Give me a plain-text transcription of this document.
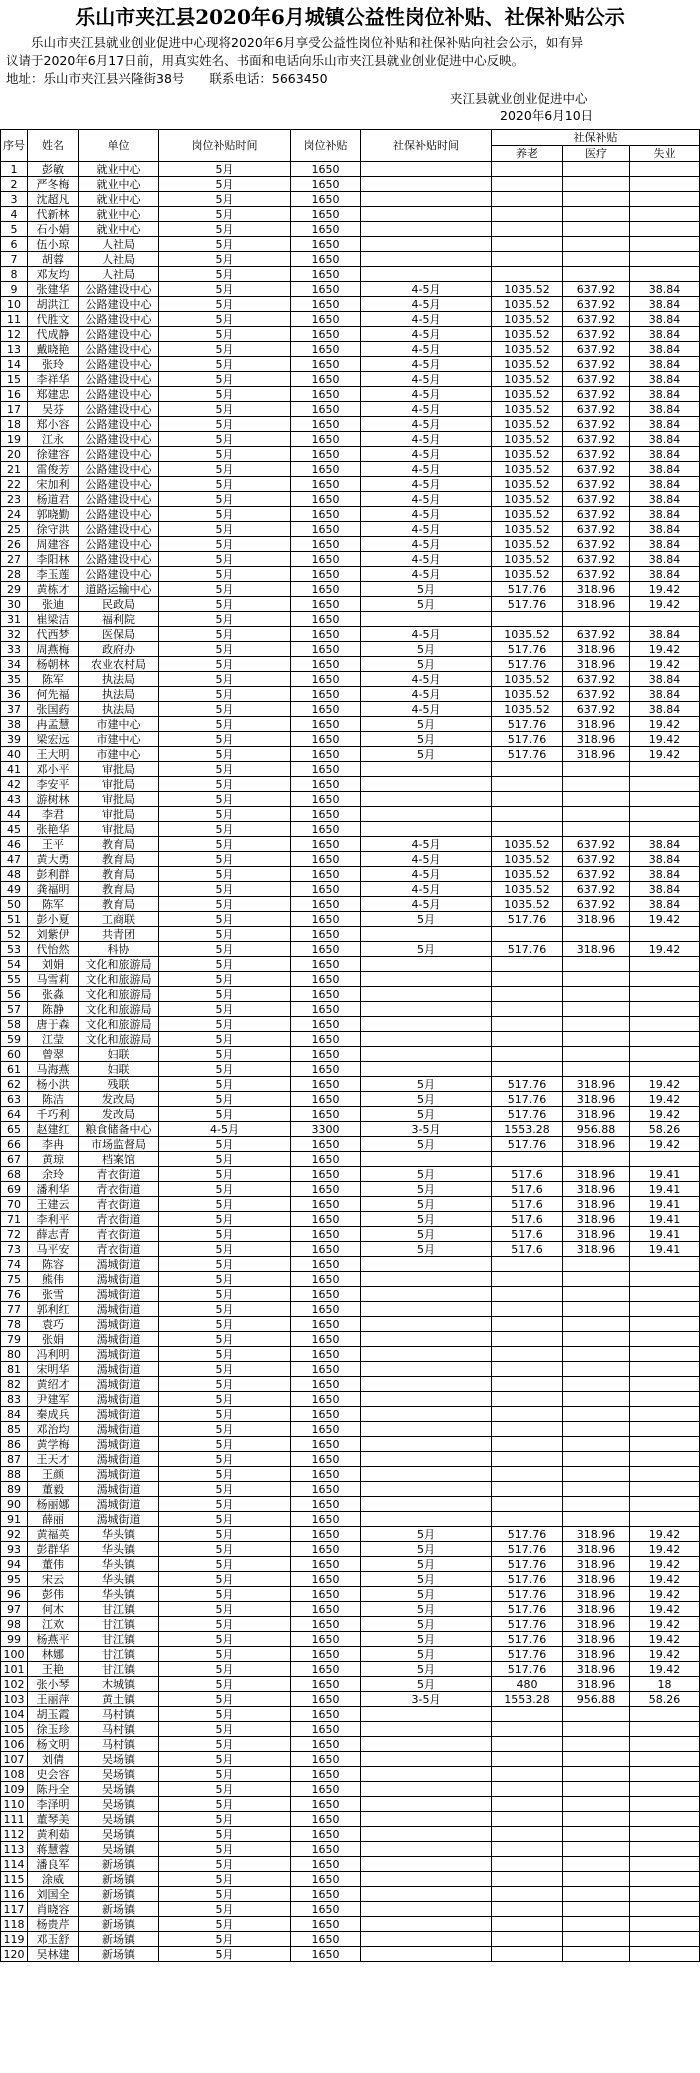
乐山市夹江县2020年6月城镇公益性岗位补贴、社保补贴公示

乐山市夹江县就业创业促进中心现将2020年6月享受公益性岗位补贴和社保补贴向社会公示，如有异

议请于2020年6月17日前，用真实姓名、书面和电话向乐山市夹江县就业创业促进中心反映。

地址：乐山市夹江县兴隆街38号　　联系电话：5663450

夹江县就业创业促进中心
2020年6月10日
序号	姓名	单位	岗位补贴时间	岗位补贴	社保补贴时间	社保补贴		
						养老	医疗	失业
1	彭敏	就业中心	5月	1650				
2	严冬梅	就业中心	5月	1650				
3	沈超凡	就业中心	5月	1650				
4	代新林	就业中心	5月	1650				
5	石小娟	就业中心	5月	1650				
6	伍小琼	人社局	5月	1650				
7	胡蓉	人社局	5月	1650				
8	邓友均	人社局	5月	1650				
9	张建华	公路建设中心	5月	1650	4-5月	1035.52	637.92	38.84
10	胡洪江	公路建设中心	5月	1650	4-5月	1035.52	637.92	38.84
11	代胜文	公路建设中心	5月	1650	4-5月	1035.52	637.92	38.84
12	代成静	公路建设中心	5月	1650	4-5月	1035.52	637.92	38.84
13	戴晓艳	公路建设中心	5月	1650	4-5月	1035.52	637.92	38.84
14	张玲	公路建设中心	5月	1650	4-5月	1035.52	637.92	38.84
15	李祥华	公路建设中心	5月	1650	4-5月	1035.52	637.92	38.84
16	郑建忠	公路建设中心	5月	1650	4-5月	1035.52	637.92	38.84
17	吴芬	公路建设中心	5月	1650	4-5月	1035.52	637.92	38.84
18	郑小容	公路建设中心	5月	1650	4-5月	1035.52	637.92	38.84
19	江永	公路建设中心	5月	1650	4-5月	1035.52	637.92	38.84
20	徐建容	公路建设中心	5月	1650	4-5月	1035.52	637.92	38.84
21	雷俊芳	公路建设中心	5月	1650	4-5月	1035.52	637.92	38.84
22	宋加利	公路建设中心	5月	1650	4-5月	1035.52	637.92	38.84
23	杨道君	公路建设中心	5月	1650	4-5月	1035.52	637.92	38.84
24	郭晓勤	公路建设中心	5月	1650	4-5月	1035.52	637.92	38.84
25	徐守洪	公路建设中心	5月	1650	4-5月	1035.52	637.92	38.84
26	周建容	公路建设中心	5月	1650	4-5月	1035.52	637.92	38.84
27	李阳林	公路建设中心	5月	1650	4-5月	1035.52	637.92	38.84
28	李玉莲	公路建设中心	5月	1650	4-5月	1035.52	637.92	38.84
29	黄栋才	道路运输中心	5月	1650	5月	517.76	318.96	19.42
30	张迪	民政局	5月	1650	5月	517.76	318.96	19.42
31	崔梁洁	福利院	5月	1650				
32	代西梦	医保局	5月	1650	4-5月	1035.52	637.92	38.84
33	周燕梅	政府办	5月	1650	5月	517.76	318.96	19.42
34	杨朝林	农业农村局	5月	1650	5月	517.76	318.96	19.42
35	陈军	执法局	5月	1650	4-5月	1035.52	637.92	38.84
36	何先福	执法局	5月	1650	4-5月	1035.52	637.92	38.84
37	张国药	执法局	5月	1650	4-5月	1035.52	637.92	38.84
38	冉孟慧	市建中心	5月	1650	5月	517.76	318.96	19.42
39	梁宏远	市建中心	5月	1650	5月	517.76	318.96	19.42
40	王大明	市建中心	5月	1650	5月	517.76	318.96	19.42
41	邓小平	审批局	5月	1650				
42	李安平	审批局	5月	1650				
43	游树林	审批局	5月	1650				
44	李君	审批局	5月	1650				
45	张艳华	审批局	5月	1650				
46	王平	教育局	5月	1650	4-5月	1035.52	637.92	38.84
47	黄大勇	教育局	5月	1650	4-5月	1035.52	637.92	38.84
48	彭利群	教育局	5月	1650	4-5月	1035.52	637.92	38.84
49	龚福明	教育局	5月	1650	4-5月	1035.52	637.92	38.84
50	陈军	教育局	5月	1650	4-5月	1035.52	637.92	38.84
51	彭小夏	工商联	5月	1650	5月	517.76	318.96	19.42
52	刘紫伊	共青团	5月	1650				
53	代怡然	科协	5月	1650	5月	517.76	318.96	19.42
54	刘娟	文化和旅游局	5月	1650				
55	马雪莉	文化和旅游局	5月	1650				
56	张淼	文化和旅游局	5月	1650				
57	陈静	文化和旅游局	5月	1650				
58	唐于森	文化和旅游局	5月	1650				
59	江莹	文化和旅游局	5月	1650				
60	曾翠	妇联	5月	1650				
61	马海燕	妇联	5月	1650				
62	杨小洪	残联	5月	1650	5月	517.76	318.96	19.42
63	陈洁	发改局	5月	1650	5月	517.76	318.96	19.42
64	千巧利	发改局	5月	1650	5月	517.76	318.96	19.42
65	赵建红	粮食储备中心	4-5月	3300	3-5月	1553.28	956.88	58.26
66	李冉	市场监督局	5月	1650	5月	517.76	318.96	19.42
67	黄琼	档案馆	5月	1650				
68	余玲	青衣街道	5月	1650	5月	517.6	318.96	19.41
69	潘利华	青衣街道	5月	1650	5月	517.6	318.96	19.41
70	王建云	青衣街道	5月	1650	5月	517.6	318.96	19.41
71	李利平	青衣街道	5月	1650	5月	517.6	318.96	19.41
72	薛志青	青衣街道	5月	1650	5月	517.6	318.96	19.41
73	马平安	青衣街道	5月	1650	5月	517.6	318.96	19.41
74	陈容	漹城街道	5月	1650				
75	熊伟	漹城街道	5月	1650				
76	张雪	漹城街道	5月	1650				
77	郭利红	漹城街道	5月	1650				
78	袁巧	漹城街道	5月	1650				
79	张娟	漹城街道	5月	1650				
80	冯利明	漹城街道	5月	1650				
81	宋明华	漹城街道	5月	1650				
82	黄绍才	漹城街道	5月	1650				
83	尹建军	漹城街道	5月	1650				
84	秦成兵	漹城街道	5月	1650				
85	邓治均	漹城街道	5月	1650				
86	黄学梅	漹城街道	5月	1650				
87	王天才	漹城街道	5月	1650				
88	王颜	漹城街道	5月	1650				
89	董毅	漹城街道	5月	1650				
90	杨丽娜	漹城街道	5月	1650				
91	薛丽	漹城街道	5月	1650				
92	黄福英	华头镇	5月	1650	5月	517.76	318.96	19.42
93	彭群华	华头镇	5月	1650	5月	517.76	318.96	19.42
94	董伟	华头镇	5月	1650	5月	517.76	318.96	19.42
95	宋云	华头镇	5月	1650	5月	517.76	318.96	19.42
96	彭伟	华头镇	5月	1650	5月	517.76	318.96	19.42
97	何木	甘江镇	5月	1650	5月	517.76	318.96	19.42
98	江欢	甘江镇	5月	1650	5月	517.76	318.96	19.42
99	杨燕平	甘江镇	5月	1650	5月	517.76	318.96	19.42
100	林娜	甘江镇	5月	1650	5月	517.76	318.96	19.42
101	王艳	甘江镇	5月	1650	5月	517.76	318.96	19.42
102	张小琴	木城镇	5月	1650	5月	480	318.96	18
103	王丽萍	黄土镇	5月	1650	3-5月	1553.28	956.88	58.26
104	胡玉霞	马村镇	5月	1650				
105	徐玉珍	马村镇	5月	1650				
106	杨文明	马村镇	5月	1650				
107	刘倩	吴场镇	5月	1650				
108	史会容	吴场镇	5月	1650				
109	陈丹全	吴场镇	5月	1650				
110	李泽明	吴场镇	5月	1650				
111	董琴美	吴场镇	5月	1650				
112	黄利茹	吴场镇	5月	1650				
113	蒋慧蓉	吴场镇	5月	1650				
114	潘良军	新场镇	5月	1650				
115	涂威	新场镇	5月	1650				
116	刘国全	新场镇	5月	1650				
117	肖晓容	新场镇	5月	1650				
118	杨贵芹	新场镇	5月	1650				
119	邓玉舒	新场镇	5月	1650				
120	吴林建	新场镇	5月	1650				
